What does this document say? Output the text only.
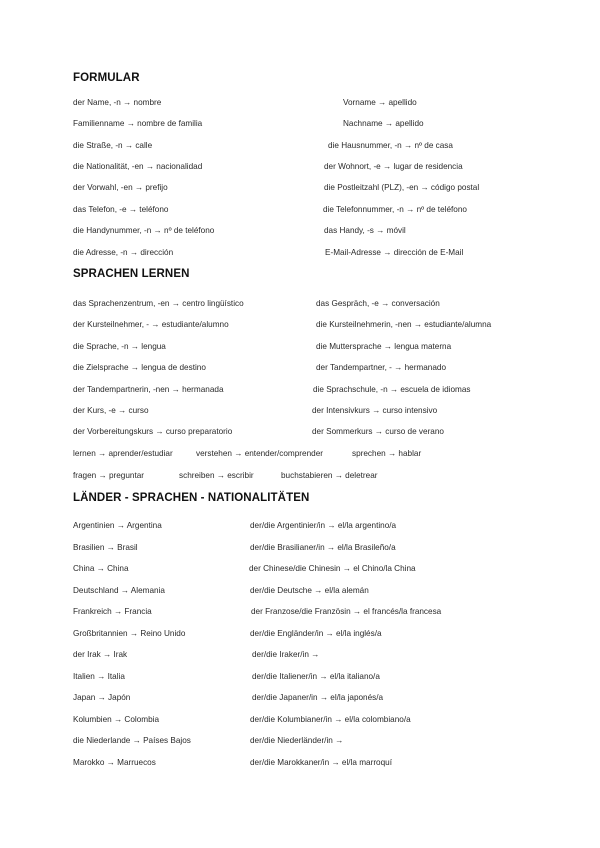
FORMULAR
der Name, -n → nombre	Vorname → apellido
Familienname → nombre de familia	Nachname → apellido
die Straße, -n → calle	die Hausnummer, -n → nº de casa
die Nationalität, -en → nacionalidad	der Wohnort, -e → lugar de residencia
der Vorwahl, -en → prefijo	die Postleitzahl (PLZ), -en → código postal
das Telefon, -e → teléfono	die Telefonnummer, -n → nº de teléfono
die Handynummer, -n → nº de teléfono	das Handy, -s → móvil
die Adresse, -n → dirección	E-Mail-Adresse → dirección de E-Mail
SPRACHEN LERNEN
das Sprachenzentrum, -en → centro lingüístico	das Gespräch, -e → conversación
der Kursteilnehmer, - → estudiante/alumno	die Kursteilnehmerin, -nen → estudiante/alumna
die Sprache, -n → lengua	die Muttersprache → lengua materna
die Zielsprache → lengua de destino	der Tandempartner, - → hermanado
der Tandempartnerin, -nen → hermanada	die Sprachschule, -n → escuela de idiomas
der Kurs, -e → curso	der Intensivkurs → curso intensivo
der Vorbereitungskurs → curso preparatorio	der Sommerkurs → curso de verano
lernen → aprender/estudiar	verstehen → entender/comprender	sprechen → hablar
fragen → preguntar	schreiben → escribir	buchstabieren → deletrear
LÄNDER - SPRACHEN - NATIONALITÄTEN
Argentinien → Argentina	der/die Argentinier/in → el/la argentino/a
Brasilien → Brasil	der/die Brasilianer/in → el/la Brasileño/a
China → China	der Chinese/die Chinesin → el Chino/la China
Deutschland → Alemania	der/die Deutsche → el/la alemán
Frankreich → Francia	der Franzose/die Französin → el francés/la francesa
Großbritannien → Reino Unido	der/die Engländer/in → el/la inglés/a
der Irak → Irak	der/die Iraker/in →
Italien → Italia	der/die Italiener/in → el/la italiano/a
Japan → Japón	der/die Japaner/in → el/la japonés/a
Kolumbien → Colombia	der/die Kolumbianer/in → el/la colombiano/a
die Niederlande → Países Bajos	der/die Niederländer/in →
Marokko → Marruecos	der/die Marokkaner/in → el/la marroquí
